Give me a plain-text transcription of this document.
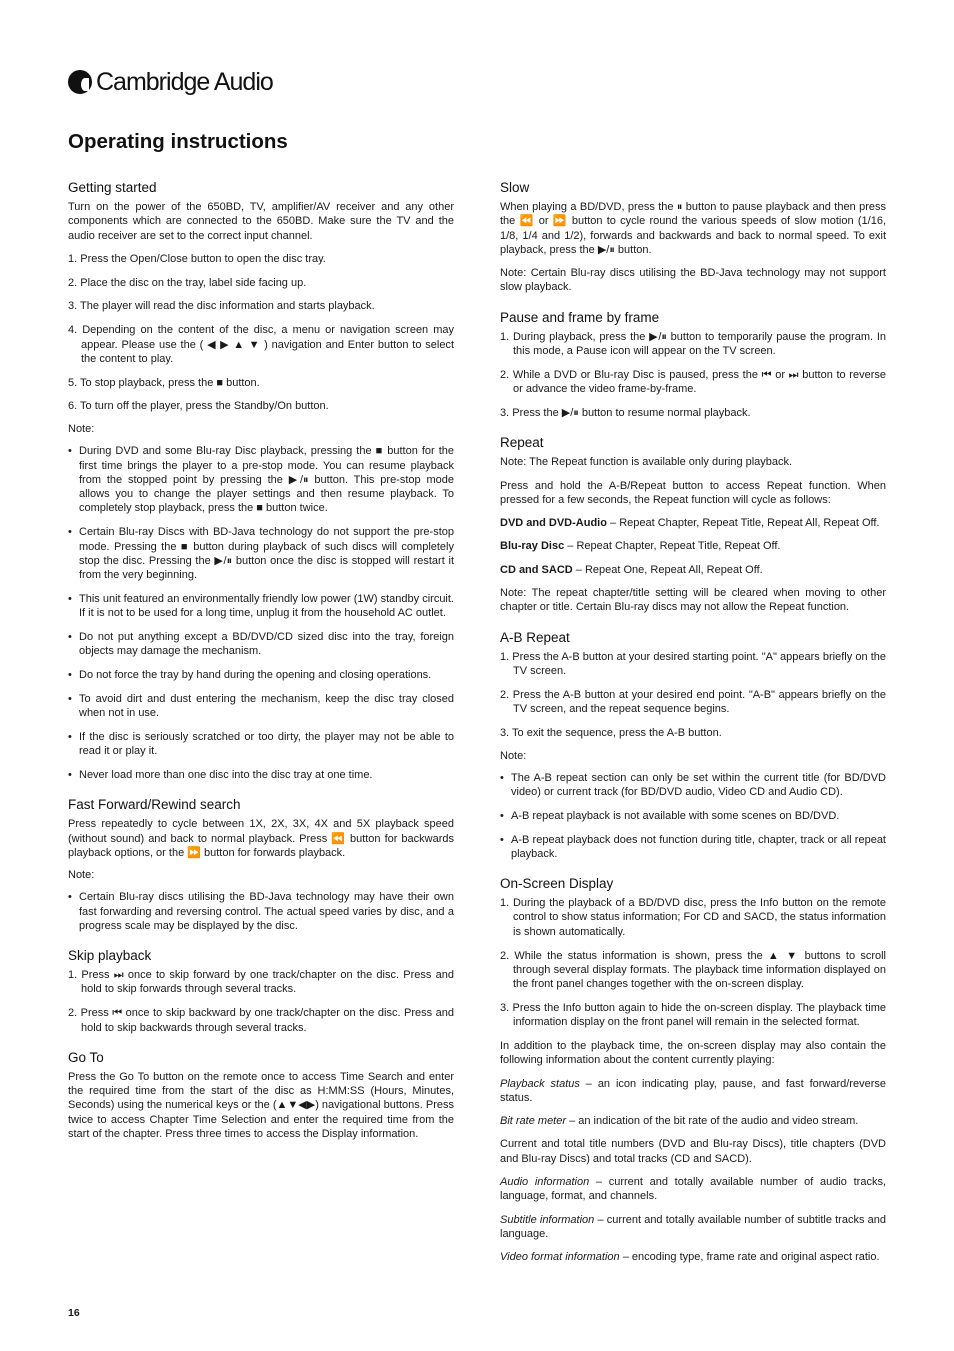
Cambridge Audio
Operating instructions
Getting started

Turn on the power of the 650BD, TV, amplifier/AV receiver and any other components which are connected to the 650BD. Make sure the TV and the audio receiver are set to the correct input channel.

1. Press the Open/Close button to open the disc tray.
2. Place the disc on the tray, label side facing up.
3. The player will read the disc information and starts playback.
4. Depending on the content of the disc, a menu or navigation screen may appear. Please use the ( ◀ ▶ ▲ ▼ ) navigation and Enter button to select the content to play.
5. To stop playback, press the ■ button.
6. To turn off the player, press the Standby/On button.
Note:
• During DVD and some Blu-ray Disc playback, pressing the ■ button for the first time brings the player to a pre-stop mode. You can resume playback from the stopped point by pressing the ▶/⏸ button. This pre-stop mode allows you to change the player settings and then resume playback. To completely stop playback, press the ■ button twice.
• Certain Blu-ray Discs with BD-Java technology do not support the pre-stop mode. Pressing the ■ button during playback of such discs will completely stop the disc. Pressing the ▶/⏸ button once the disc is stopped will restart it from the very beginning.
• This unit featured an environmentally friendly low power (1W) standby circuit. If it is not to be used for a long time, unplug it from the household AC outlet.
• Do not put anything except a BD/DVD/CD sized disc into the tray, foreign objects may damage the mechanism.
• Do not force the tray by hand during the opening and closing operations.
• To avoid dirt and dust entering the mechanism, keep the disc tray closed when not in use.
• If the disc is seriously scratched or too dirty, the player may not be able to read it or play it.
• Never load more than one disc into the disc tray at one time.
Fast Forward/Rewind search

Press repeatedly to cycle between 1X, 2X, 3X, 4X and 5X playback speed (without sound) and back to normal playback. Press ⏪ button for backwards playback options, or the ⏩ button for forwards playback.

Note:
• Certain Blu-ray discs utilising the BD-Java technology may have their own fast forwarding and reversing control. The actual speed varies by disc, and a progress scale may be displayed by the disc.
Skip playback
1. Press ⏭ once to skip forward by one track/chapter on the disc. Press and hold to skip forwards through several tracks.
2. Press ⏮ once to skip backward by one track/chapter on the disc. Press and hold to skip backwards through several tracks.
Go To

Press the Go To button on the remote once to access Time Search and enter the required time from the start of the disc as H:MM:SS (Hours, Minutes, Seconds) using the numerical keys or the (▲▼◀▶) navigational buttons. Press twice to access Chapter Time Selection and enter the required time from the start of the chapter. Press three times to access the Display information.

Slow

When playing a BD/DVD, press the ⏸ button to pause playback and then press the ⏪ or ⏩ button to cycle round the various speeds of slow motion (1/16, 1/8, 1/4 and 1/2), forwards and backwards and back to normal speed. To exit playback, press the ▶/⏸ button.

Note: Certain Blu-ray discs utilising the BD-Java technology may not support slow playback.

Pause and frame by frame
1. During playback, press the ▶/⏸ button to temporarily pause the program. In this mode, a Pause icon will appear on the TV screen.
2. While a DVD or Blu-ray Disc is paused, press the ⏮ or ⏭ button to reverse or advance the video frame-by-frame.
3. Press the ▶/⏸ button to resume normal playback.
Repeat

Note: The Repeat function is available only during playback.

Press and hold the A-B/Repeat button to access Repeat function. When pressed for a few seconds, the Repeat function will cycle as follows:

DVD and DVD-Audio – Repeat Chapter, Repeat Title, Repeat All, Repeat Off.

Blu-ray Disc – Repeat Chapter, Repeat Title, Repeat Off.

CD and SACD – Repeat One, Repeat All, Repeat Off.

Note: The repeat chapter/title setting will be cleared when moving to other chapter or title. Certain Blu-ray discs may not allow the Repeat function.

A-B Repeat
1. Press the A-B button at your desired starting point. "A" appears briefly on the TV screen.
2. Press the A-B button at your desired end point. "A-B" appears briefly on the TV screen, and the repeat sequence begins.
3. To exit the sequence, press the A-B button.
Note:
• The A-B repeat section can only be set within the current title (for BD/DVD video) or current track (for BD/DVD audio, Video CD and Audio CD).
• A-B repeat playback is not available with some scenes on BD/DVD.
• A-B repeat playback does not function during title, chapter, track or all repeat playback.
On-Screen Display
1. During the playback of a BD/DVD disc, press the Info button on the remote control to show status information; For CD and SACD, the status information is shown automatically.
2. While the status information is shown, press the ▲ ▼ buttons to scroll through several display formats. The playback time information displayed on the front panel changes together with the on-screen display.
3. Press the Info button again to hide the on-screen display. The playback time information display on the front panel will remain in the selected format.

In addition to the playback time, the on-screen display may also contain the following information about the content currently playing:

Playback status – an icon indicating play, pause, and fast forward/reverse status.

Bit rate meter – an indication of the bit rate of the audio and video stream.

Current and total title numbers (DVD and Blu-ray Discs), title chapters (DVD and Blu-ray Discs) and total tracks (CD and SACD).

Audio information – current and totally available number of audio tracks, language, format, and channels.

Subtitle information – current and totally available number of subtitle tracks and language.

Video format information – encoding type, frame rate and original aspect ratio.

16
